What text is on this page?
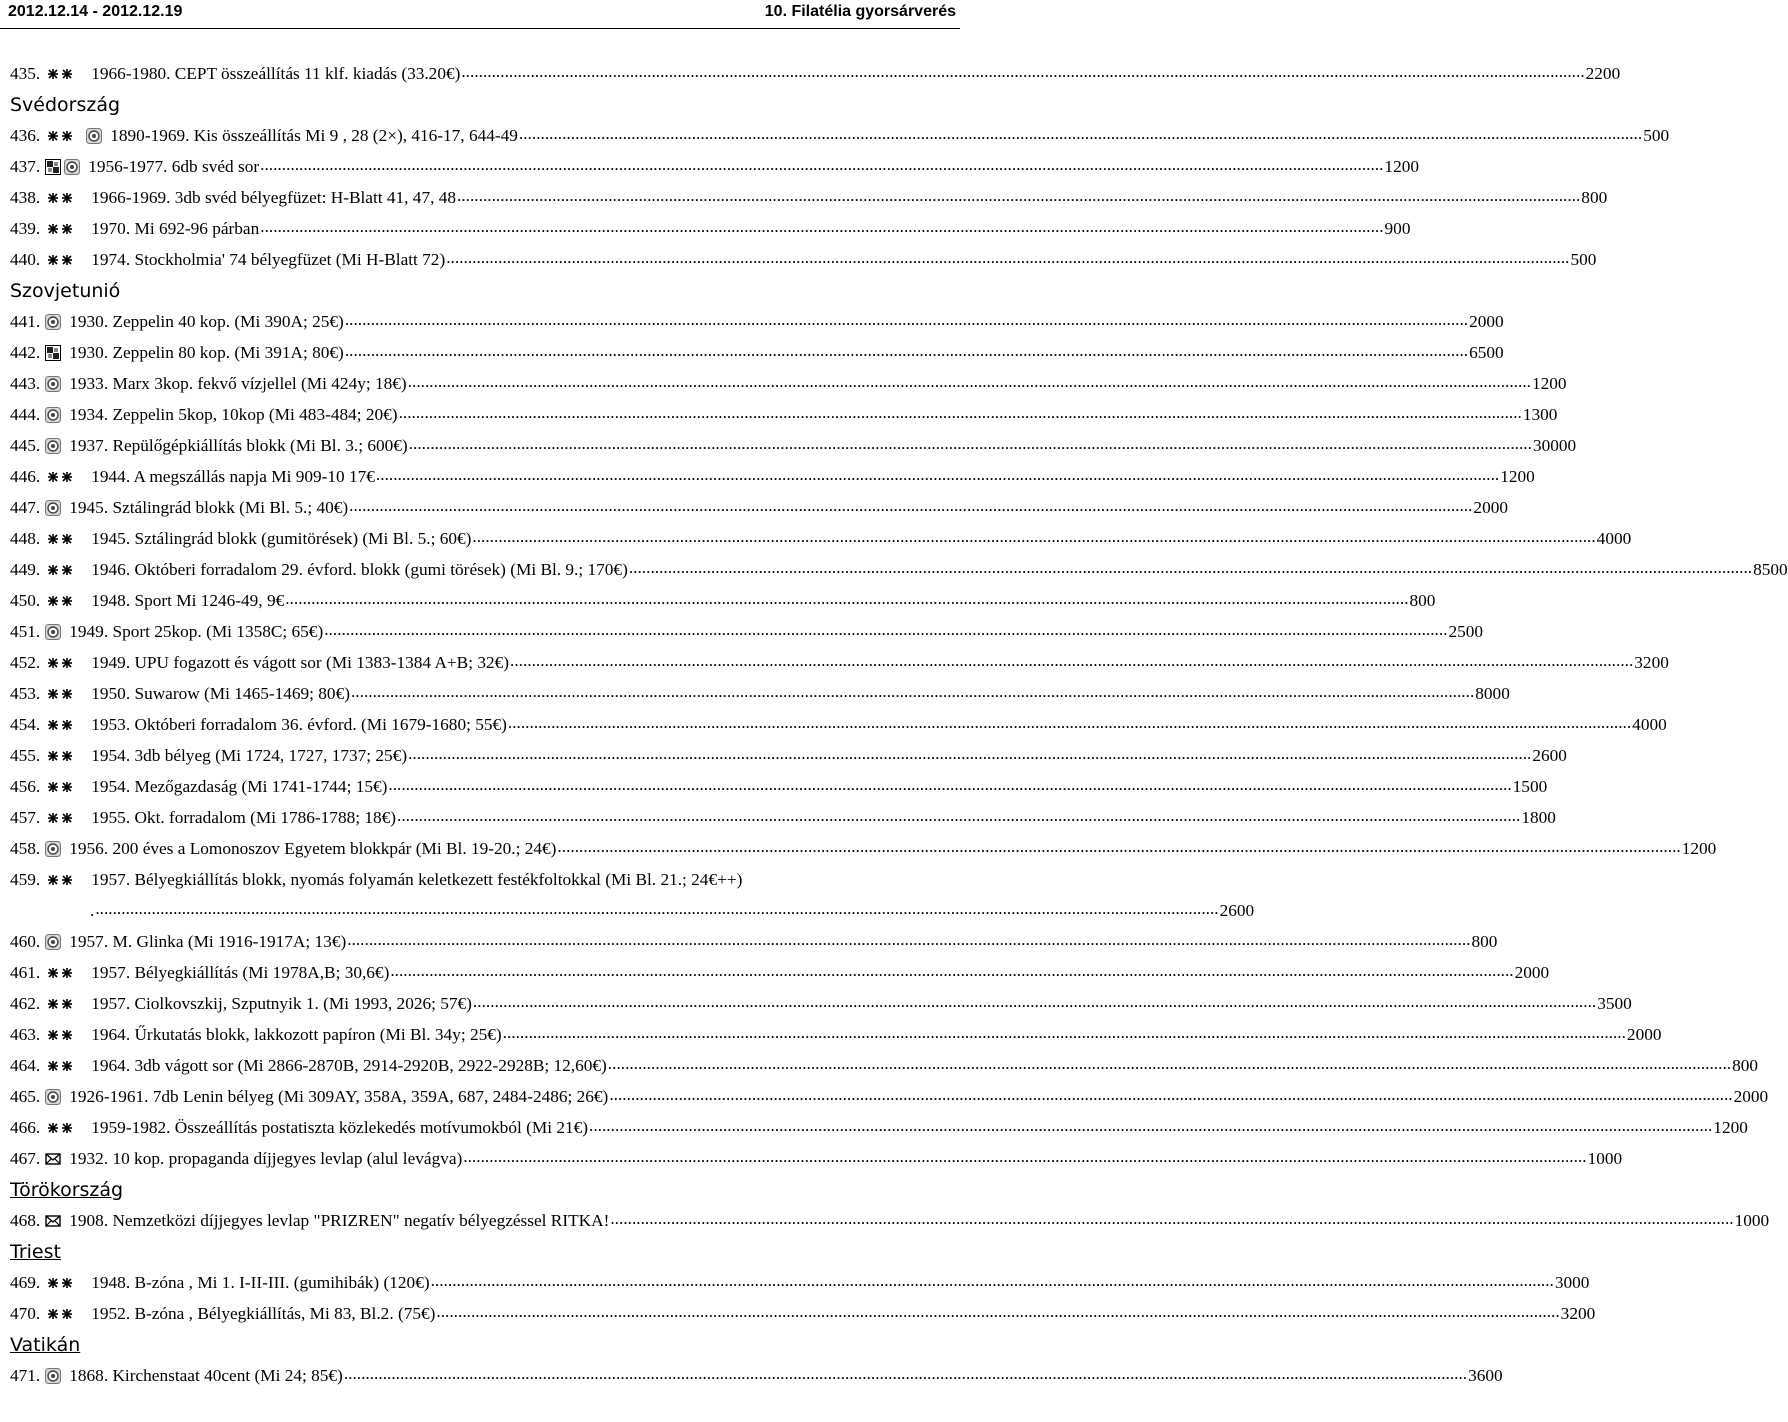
2012.12.14 - 2012.12.19	10. Filatélia gyorsárverés
435.	1966-1980. CEPT összeállítás 11 klf. kiadás (33.20€) .................................................................................................................................................................................................................................................................... 2200
Svédország
436.	1890-1969. Kis összeállítás Mi 9 , 28 (2×), 416-17, 644-49 .................................................................................................................................................................................................................................................................... 500
437.	1956-1977. 6db svéd sor .................................................................................................................................................................................................................................................................... 1200
438.	1966-1969. 3db svéd bélyegfüzet: H-Blatt 41, 47, 48 .................................................................................................................................................................................................................................................................... 800
439.	1970. Mi 692-96 párban .................................................................................................................................................................................................................................................................... 900
440.	1974. Stockholmia' 74 bélyegfüzet (Mi H-Blatt 72) .................................................................................................................................................................................................................................................................... 500
Szovjetunió
441. 1930. Zeppelin 40 kop. (Mi 390A; 25€) .................................................................................................................................................................................................................................................................... 2000
442. 1930. Zeppelin 80 kop. (Mi 391A; 80€) .................................................................................................................................................................................................................................................................... 6500
443. 1933. Marx 3kop. fekvő vízjellel (Mi 424y; 18€) .................................................................................................................................................................................................................................................................... 1200
444. 1934. Zeppelin 5kop, 10kop (Mi 483-484; 20€) .................................................................................................................................................................................................................................................................... 1300
445. 1937. Repülőgépkiállítás blokk (Mi Bl. 3.; 600€) .................................................................................................................................................................................................................................................................... 30000
446.	1944. A megszállás napja Mi 909-10 17€ .................................................................................................................................................................................................................................................................... 1200
447. 1945. Sztálingrád blokk (Mi Bl. 5.; 40€) .................................................................................................................................................................................................................................................................... 2000
448.	1945. Sztálingrád blokk (gumitörések) (Mi Bl. 5.; 60€) .................................................................................................................................................................................................................................................................... 4000
449.	1946. Októberi forradalom 29. évford. blokk (gumi törések) (Mi Bl. 9.; 170€) .................................................................................................................................................................................................................................................................... 8500
450.	1948. Sport Mi 1246-49, 9€ .................................................................................................................................................................................................................................................................... 800
451. 1949. Sport 25kop. (Mi 1358C; 65€) .................................................................................................................................................................................................................................................................... 2500
452.	1949. UPU fogazott és vágott sor (Mi 1383-1384 A+B; 32€) .................................................................................................................................................................................................................................................................... 3200
453.	1950. Suwarow (Mi 1465-1469; 80€) .................................................................................................................................................................................................................................................................... 8000
454.	1953. Októberi forradalom 36. évford. (Mi 1679-1680; 55€) .................................................................................................................................................................................................................................................................... 4000
455.	1954. 3db bélyeg (Mi 1724, 1727, 1737; 25€) .................................................................................................................................................................................................................................................................... 2600
456.	1954. Mezőgazdaság (Mi 1741-1744; 15€) .................................................................................................................................................................................................................................................................... 1500
457.	1955. Okt. forradalom (Mi 1786-1788; 18€) .................................................................................................................................................................................................................................................................... 1800
458. 1956. 200 éves a Lomonoszov Egyetem blokkpár (Mi Bl. 19-20.; 24€) .................................................................................................................................................................................................................................................................... 1200
459.	1957. Bélyegkiállítás blokk, nyomás folyamán keletkezett festékfoltokkal (Mi Bl. 21.; 24€++)
. .................................................................................................................................................................................................................................................................... 2600
460. 1957. M. Glinka (Mi 1916-1917A; 13€) .................................................................................................................................................................................................................................................................... 800
461.	1957. Bélyegkiállítás (Mi 1978A,B; 30,6€) .................................................................................................................................................................................................................................................................... 2000
462.	1957. Ciolkovszkij, Szputnyik 1. (Mi 1993, 2026; 57€) .................................................................................................................................................................................................................................................................... 3500
463.	1964. Űrkutatás blokk, lakkozott papíron (Mi Bl. 34y; 25€) .................................................................................................................................................................................................................................................................... 2000
464.	1964. 3db vágott sor (Mi 2866-2870B, 2914-2920B, 2922-2928B; 12,60€) .................................................................................................................................................................................................................................................................... 800
465. 1926-1961. 7db Lenin bélyeg (Mi 309AY, 358A, 359A, 687, 2484-2486; 26€) .................................................................................................................................................................................................................................................................... 2000
466.	1959-1982. Összeállítás postatiszta közlekedés motívumokból (Mi 21€) .................................................................................................................................................................................................................................................................... 1200
467. 1932. 10 kop. propaganda díjjegyes levlap (alul levágva) .................................................................................................................................................................................................................................................................... 1000
Törökország
468. 1908. Nemzetközi díjjegyes levlap "PRIZREN" negatív bélyegzéssel RITKA! .................................................................................................................................................................................................................................................................... 1000
Triest
469.	1948. B-zóna , Mi 1. I-II-III. (gumihibák) (120€) .................................................................................................................................................................................................................................................................... 3000
470.	1952. B-zóna , Bélyegkiállítás, Mi 83, Bl.2. (75€) .................................................................................................................................................................................................................................................................... 3200
Vatikán
471. 1868. Kirchenstaat 40cent (Mi 24; 85€) .................................................................................................................................................................................................................................................................... 3600
